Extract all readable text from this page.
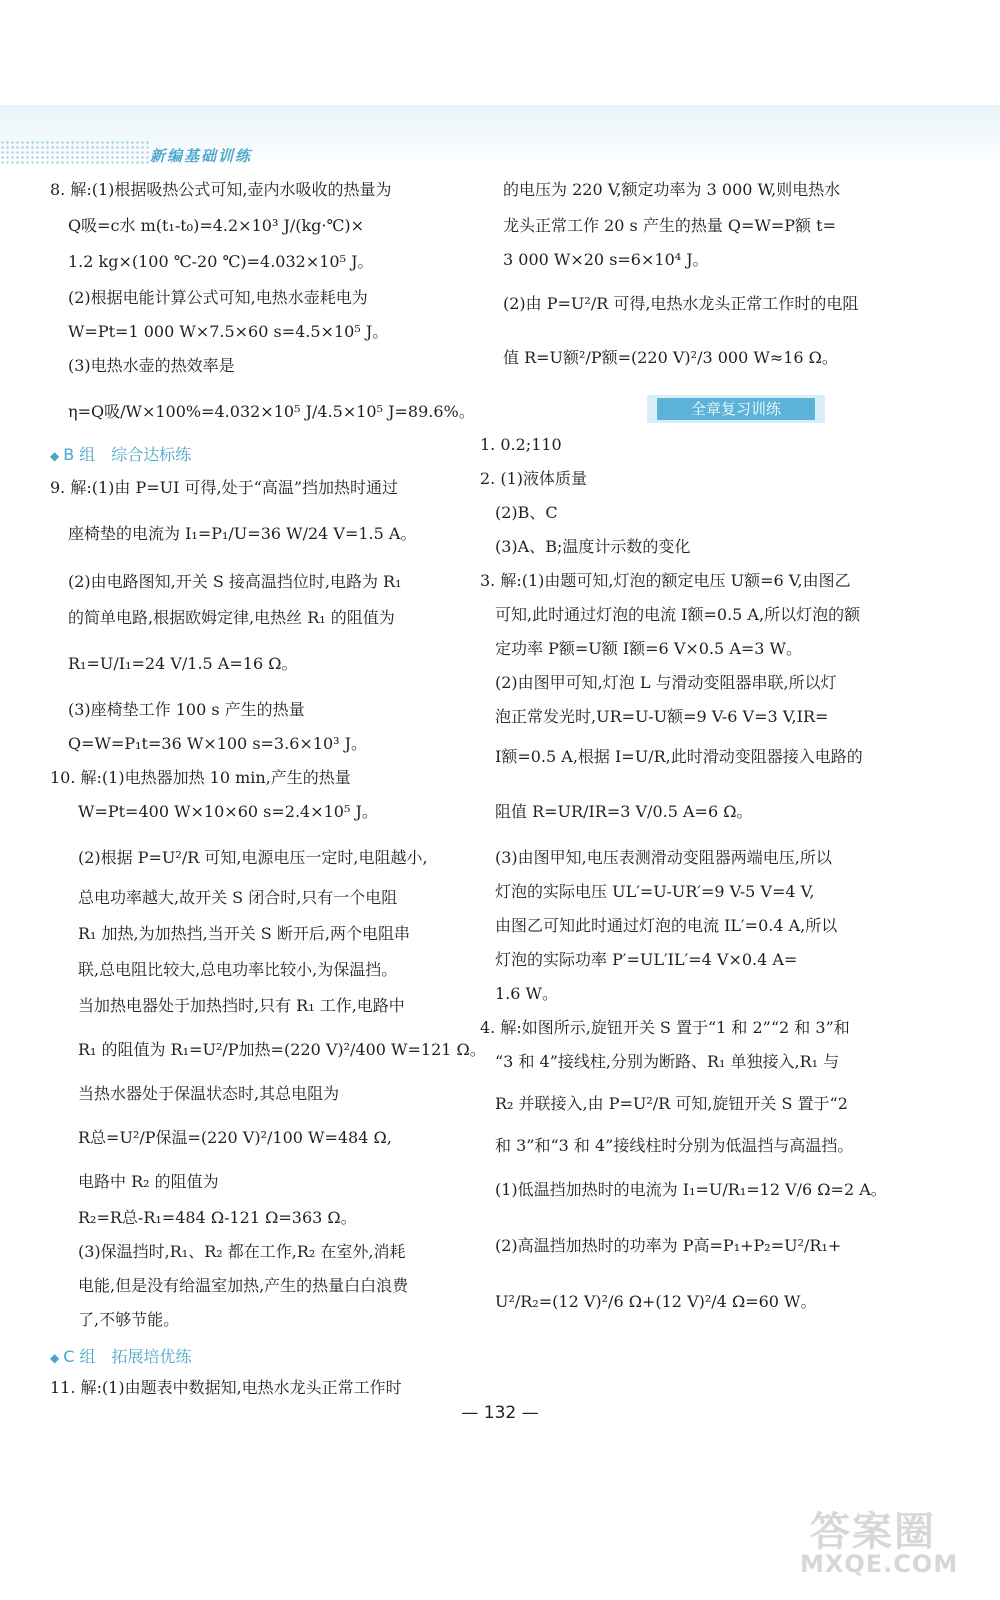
新编基础训练
8. 解:(1)根据吸热公式可知,壶内水吸收的热量为
Q吸=c水 m(t₁-t₀)=4.2×10³ J/(kg·℃)×
1.2 kg×(100 ℃-20 ℃)=4.032×10⁵ J。
(2)根据电能计算公式可知,电热水壶耗电为
W=Pt=1 000 W×7.5×60 s=4.5×10⁵ J。
(3)电热水壶的热效率是
η=Q吸/W×100%=4.032×10⁵ J/4.5×10⁵ J=89.6%。
◆ B 组　综合达标练
9. 解:(1)由 P=UI 可得,处于“高温”挡加热时通过
座椅垫的电流为 I₁=P₁/U=36 W/24 V=1.5 A。
(2)由电路图知,开关 S 接高温挡位时,电路为 R₁
的简单电路,根据欧姆定律,电热丝 R₁ 的阻值为
R₁=U/I₁=24 V/1.5 A=16 Ω。
(3)座椅垫工作 100 s 产生的热量
Q=W=P₁t=36 W×100 s=3.6×10³ J。
10. 解:(1)电热器加热 10 min,产生的热量
W=Pt=400 W×10×60 s=2.4×10⁵ J。
(2)根据 P=U²/R 可知,电源电压一定时,电阻越小,
总电功率越大,故开关 S 闭合时,只有一个电阻
R₁ 加热,为加热挡,当开关 S 断开后,两个电阻串
联,总电阻比较大,总电功率比较小,为保温挡。
当加热电器处于加热挡时,只有 R₁ 工作,电路中
R₁ 的阻值为 R₁=U²/P加热=(220 V)²/400 W=121 Ω。
当热水器处于保温状态时,其总电阻为
R总=U²/P保温=(220 V)²/100 W=484 Ω,
电路中 R₂ 的阻值为
R₂=R总-R₁=484 Ω-121 Ω=363 Ω。
(3)保温挡时,R₁、R₂ 都在工作,R₂ 在室外,消耗
电能,但是没有给温室加热,产生的热量白白浪费
了,不够节能。
◆ C 组　拓展培优练
11. 解:(1)由题表中数据知,电热水龙头正常工作时
的电压为 220 V,额定功率为 3 000 W,则电热水
龙头正常工作 20 s 产生的热量 Q=W=P额 t=
3 000 W×20 s=6×10⁴ J。
(2)由 P=U²/R 可得,电热水龙头正常工作时的电阻
值 R=U额²/P额=(220 V)²/3 000 W≈16 Ω。
全章复习训练
1. 0.2;110
2. (1)液体质量
(2)B、C
(3)A、B;温度计示数的变化
3. 解:(1)由题可知,灯泡的额定电压 U额=6 V,由图乙
可知,此时通过灯泡的电流 I额=0.5 A,所以灯泡的额
定功率 P额=U额 I额=6 V×0.5 A=3 W。
(2)由图甲可知,灯泡 L 与滑动变阻器串联,所以灯
泡正常发光时,UR=U-U额=9 V-6 V=3 V,IR=
I额=0.5 A,根据 I=U/R,此时滑动变阻器接入电路的
阻值 R=UR/IR=3 V/0.5 A=6 Ω。
(3)由图甲知,电压表测滑动变阻器两端电压,所以
灯泡的实际电压 UL′=U-UR′=9 V-5 V=4 V,
由图乙可知此时通过灯泡的电流 IL′=0.4 A,所以
灯泡的实际功率 P′=UL′IL′=4 V×0.4 A=
1.6 W。
4. 解:如图所示,旋钮开关 S 置于“1 和 2”“2 和 3”和
“3 和 4”接线柱,分别为断路、R₁ 单独接入,R₁ 与
R₂ 并联接入,由 P=U²/R 可知,旋钮开关 S 置于“2
和 3”和“3 和 4”接线柱时分别为低温挡与高温挡。
(1)低温挡加热时的电流为 I₁=U/R₁=12 V/6 Ω=2 A。
(2)高温挡加热时的功率为 P高=P₁+P₂=U²/R₁+
U²/R₂=(12 V)²/6 Ω+(12 V)²/4 Ω=60 W。
— 132 —
答案圈
MXQE.COM
